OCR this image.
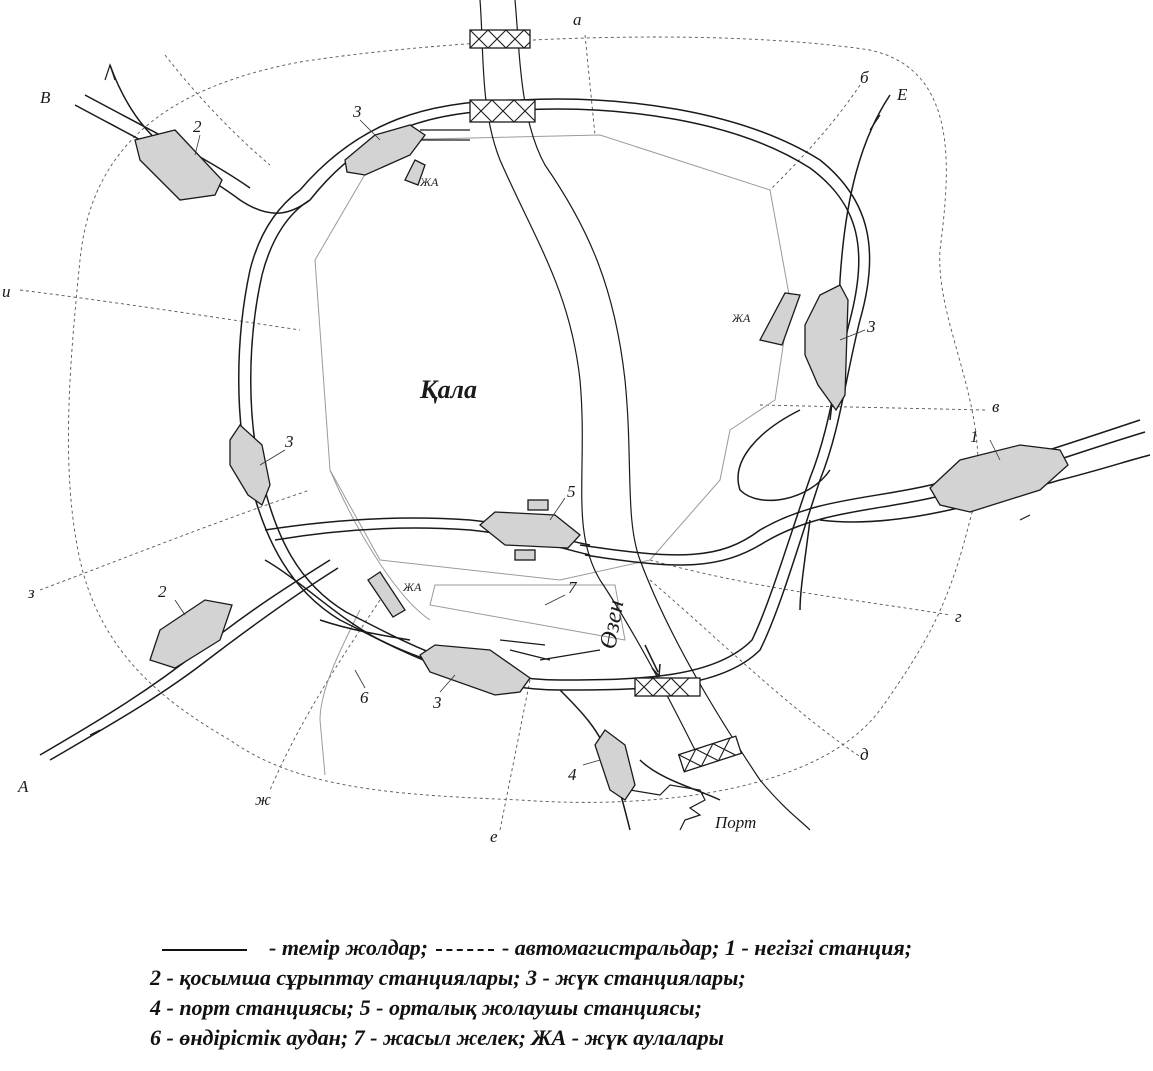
Қала
Өзен
Порт
А
В	Е
а
б
в
г
д
е
ж
з
и
1
2
2
3
3
3
3
4
5
6
7
ЖА
ЖА
ЖА
- темір жолдар;	- автомагистральдар; 1 - негізгі станция;
2 - қосымша сұрыптау станциялары; 3 - жүк станциялары;
4 - порт станциясы; 5 - орталық жолаушы станциясы;
6 - өндірістік аудан; 7 - жасыл желек; ЖА - жүк аулалары
